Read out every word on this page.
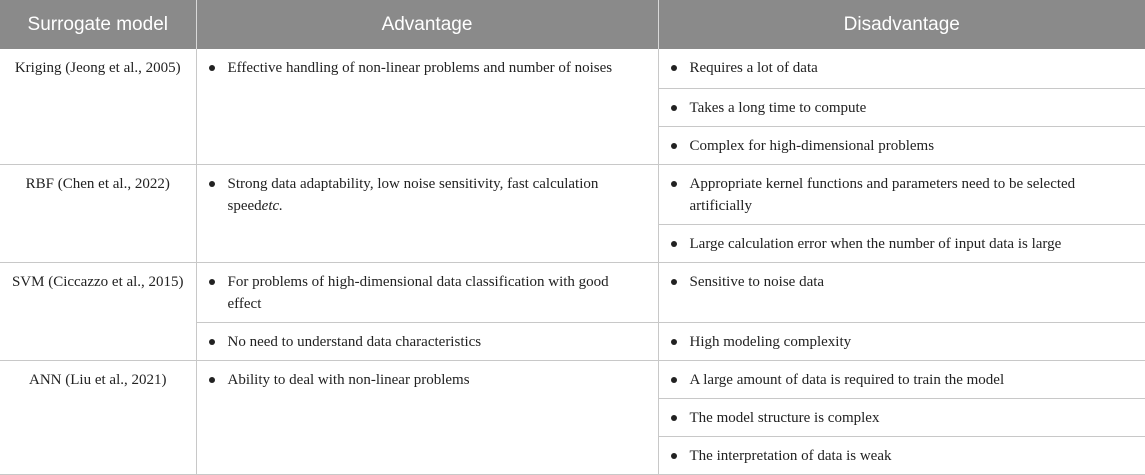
Surrogate model	Advantage	Disadvantage
Kriging (Jeong et al., 2005)	Effective handling of non-linear problems and number of noises	Requires a lot of data

		Takes a long time to compute

		Complex for high-dimensional problems

RBF (Chen et al., 2022)	Strong data adaptability, low noise sensitivity, fast calculation speedetc.	Appropriate kernel functions and parameters need to be selected artificially

		Large calculation error when the number of input data is large

SVM (Ciccazzo et al., 2015)	For problems of high-dimensional data classification with good effect	Sensitive to noise data

	No need to understand data characteristics	High modeling complexity

ANN (Liu et al., 2021)	Ability to deal with non-linear problems	A large amount of data is required to train the model

		The model structure is complex

		The interpretation of data is weak
